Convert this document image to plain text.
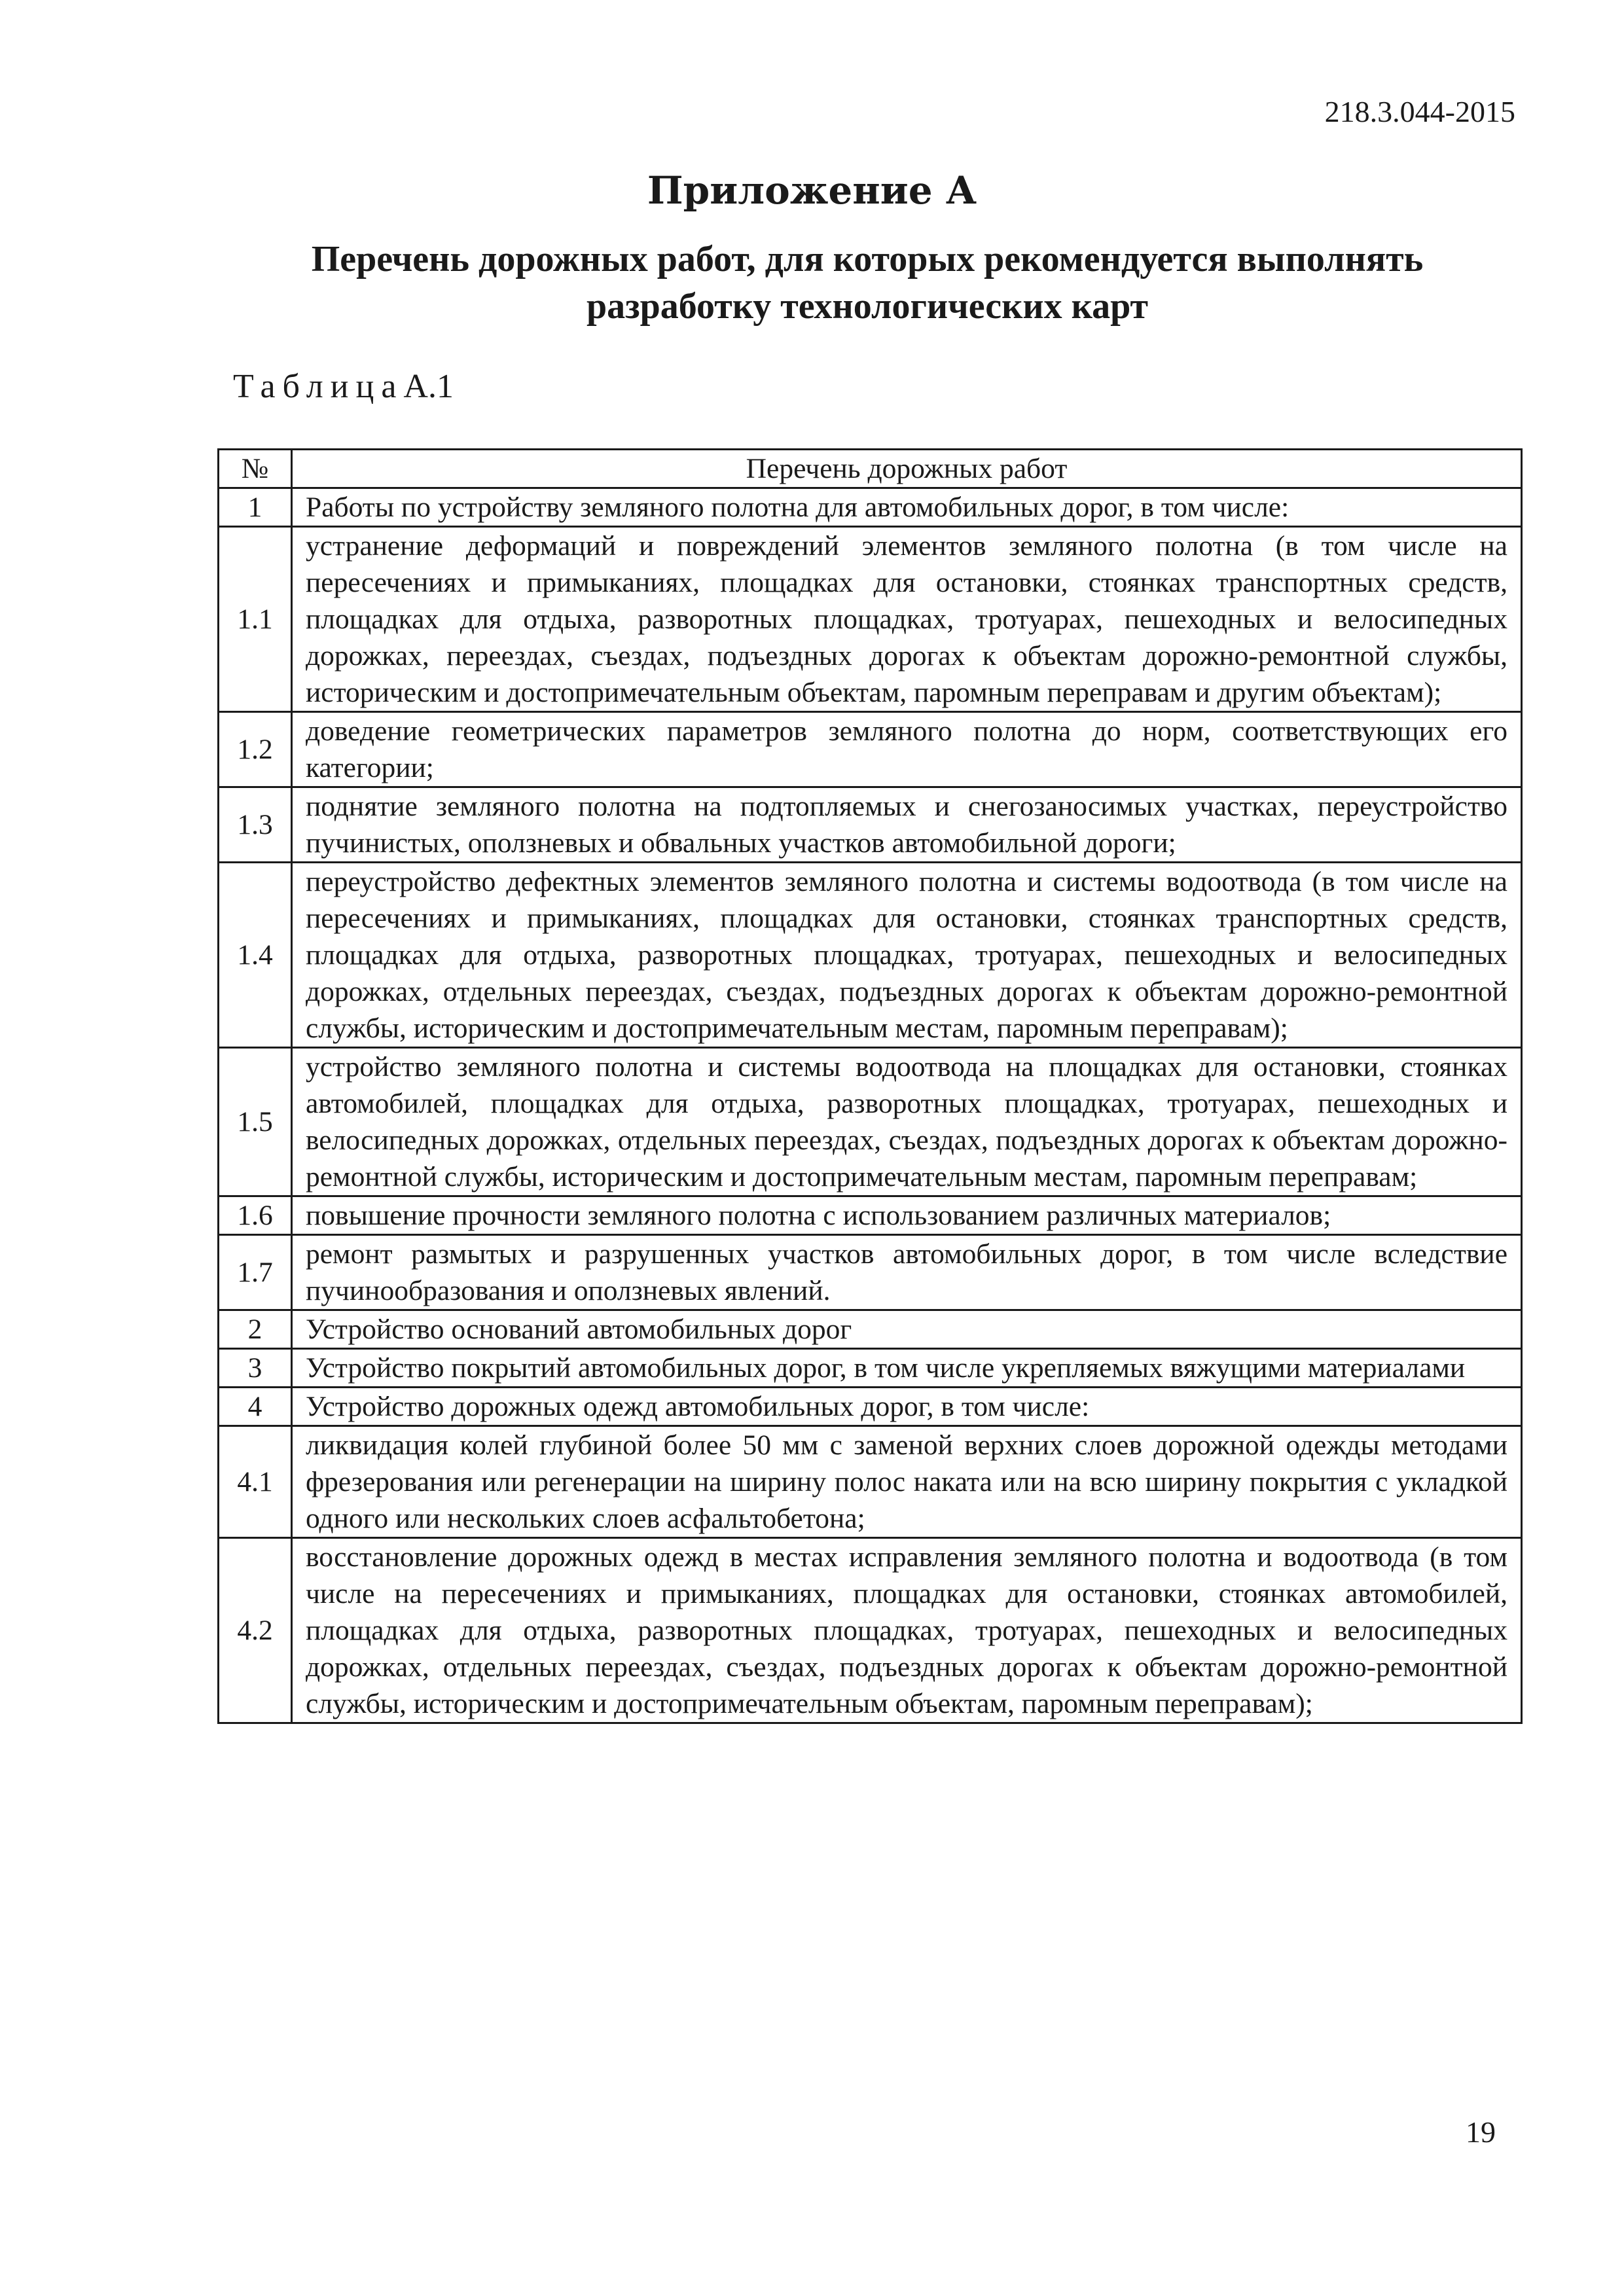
218.3.044-2015
Приложение А
Перечень дорожных работ, для которых рекомендуется выполнять разработку технологических карт
ТаблицаА.1
№	Перечень дорожных работ
1	Работы по устройству земляного полотна для автомобильных дорог, в том числе:
1.1	устранение деформаций и повреждений элементов земляного полотна (в том числе на пересечениях и примыканиях, площадках для остановки, стоянках транспортных средств, площадках для отдыха, разворотных площадках, тротуарах, пешеходных и велосипедных дорожках, переездах, съездах, подъездных дорогах к объектам дорожно-ремонтной службы, историческим и достопримечательным объектам, паромным переправам и другим объектам);
1.2	доведение геометрических параметров земляного полотна до норм, соответствующих его категории;
1.3	поднятие земляного полотна на подтопляемых и снегозаносимых участках, переустройство пучинистых, оползневых и обвальных участков автомобильной дороги;
1.4	переустройство дефектных элементов земляного полотна и системы водоотвода (в том числе на пересечениях и примыканиях, площадках для остановки, стоянках транспортных средств, площадках для отдыха, разворотных площадках, тротуарах, пешеходных и велосипедных дорожках, отдельных переездах, съездах, подъездных дорогах к объектам дорожно-ремонтной службы, историческим и достопримечательным местам, паромным переправам);
1.5	устройство земляного полотна и системы водоотвода на площадках для остановки, стоянках автомобилей, площадках для отдыха, разворотных площадках, тротуарах, пешеходных и велосипедных дорожках, отдельных переездах, съездах, подъездных дорогах к объектам дорожно-ремонтной службы, историческим и достопримечательным местам, паромным переправам;
1.6	повышение прочности земляного полотна с использованием различных материалов;
1.7	ремонт размытых и разрушенных участков автомобильных дорог, в том числе вследствие пучинообразования и оползневых явлений.
2	Устройство оснований автомобильных дорог
3	Устройство покрытий автомобильных дорог, в том числе укрепляемых вяжущими материалами
4	Устройство дорожных одежд автомобильных дорог, в том числе:
4.1	ликвидация колей глубиной более 50 мм с заменой верхних слоев дорожной одежды методами фрезерования или регенерации на ширину полос наката или на всю ширину покрытия с укладкой одного или нескольких слоев асфальтобетона;
4.2	восстановление дорожных одежд в местах исправления земляного полотна и водоотвода (в том числе на пересечениях и примыканиях, площадках для остановки, стоянках автомобилей, площадках для отдыха, разворотных площадках, тротуарах, пешеходных и велосипедных дорожках, отдельных переездах, съездах, подъездных дорогах к объектам дорожно-ремонтной службы, историческим и достопримечательным объектам, паромным переправам);
19
